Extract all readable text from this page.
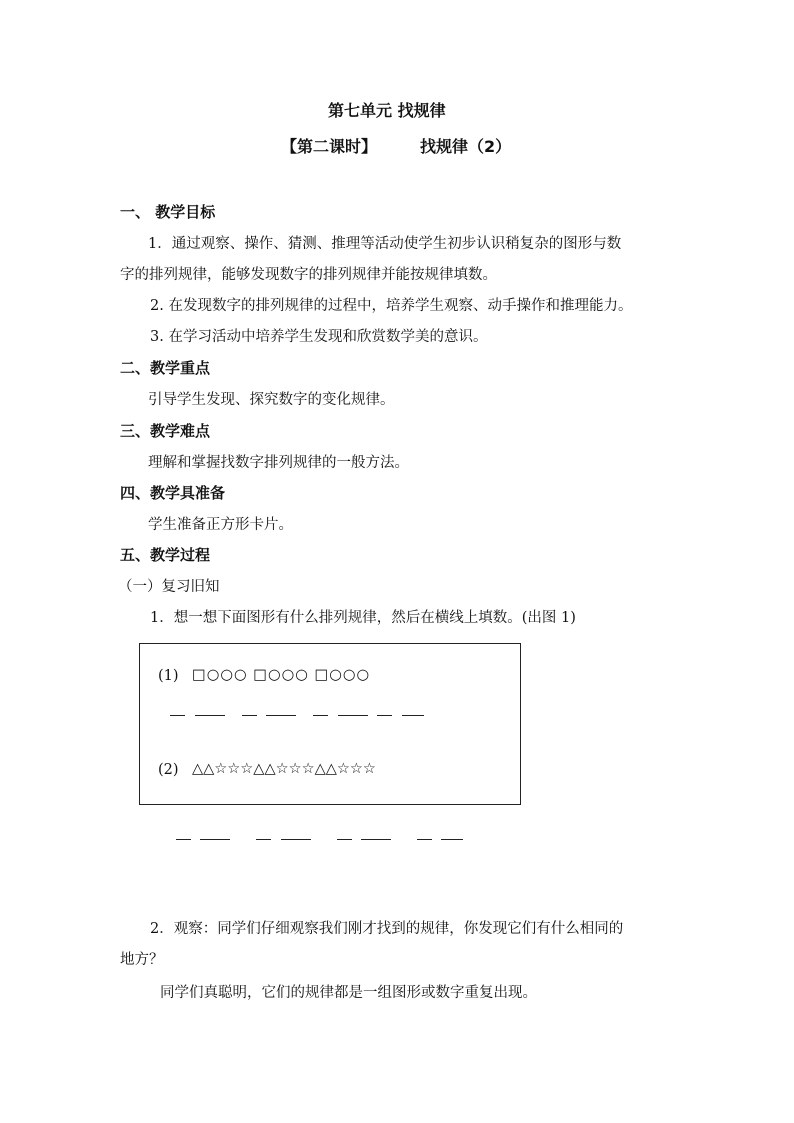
第七单元 找规律
【第二课时】	找规律（2）
一、 教学目标
1．通过观察、操作、猜测、推理等活动使学生初步认识稍复杂的图形与数
字的排列规律，能够发现数字的排列规律并能按规律填数。
2. 在发现数字的排列规律的过程中，培养学生观察、动手操作和推理能力。
3. 在学习活动中培养学生发现和欣赏数学美的意识。
二、教学重点
引导学生发现、探究数字的变化规律。
三、教学难点
理解和掌握找数字排列规律的一般方法。
四、教学具准备
学生准备正方形卡片。
五、教学过程
（一）复习旧知
1．想一想下面图形有什么排列规律，然后在横线上填数。(出图 1)
(1) □○○○ □○○○ □○○○
(2) △△☆☆☆△△☆☆☆△△☆☆☆
2．观察：同学们仔细观察我们刚才找到的规律，你发现它们有什么相同的
地方？
同学们真聪明，它们的规律都是一组图形或数字重复出现。
